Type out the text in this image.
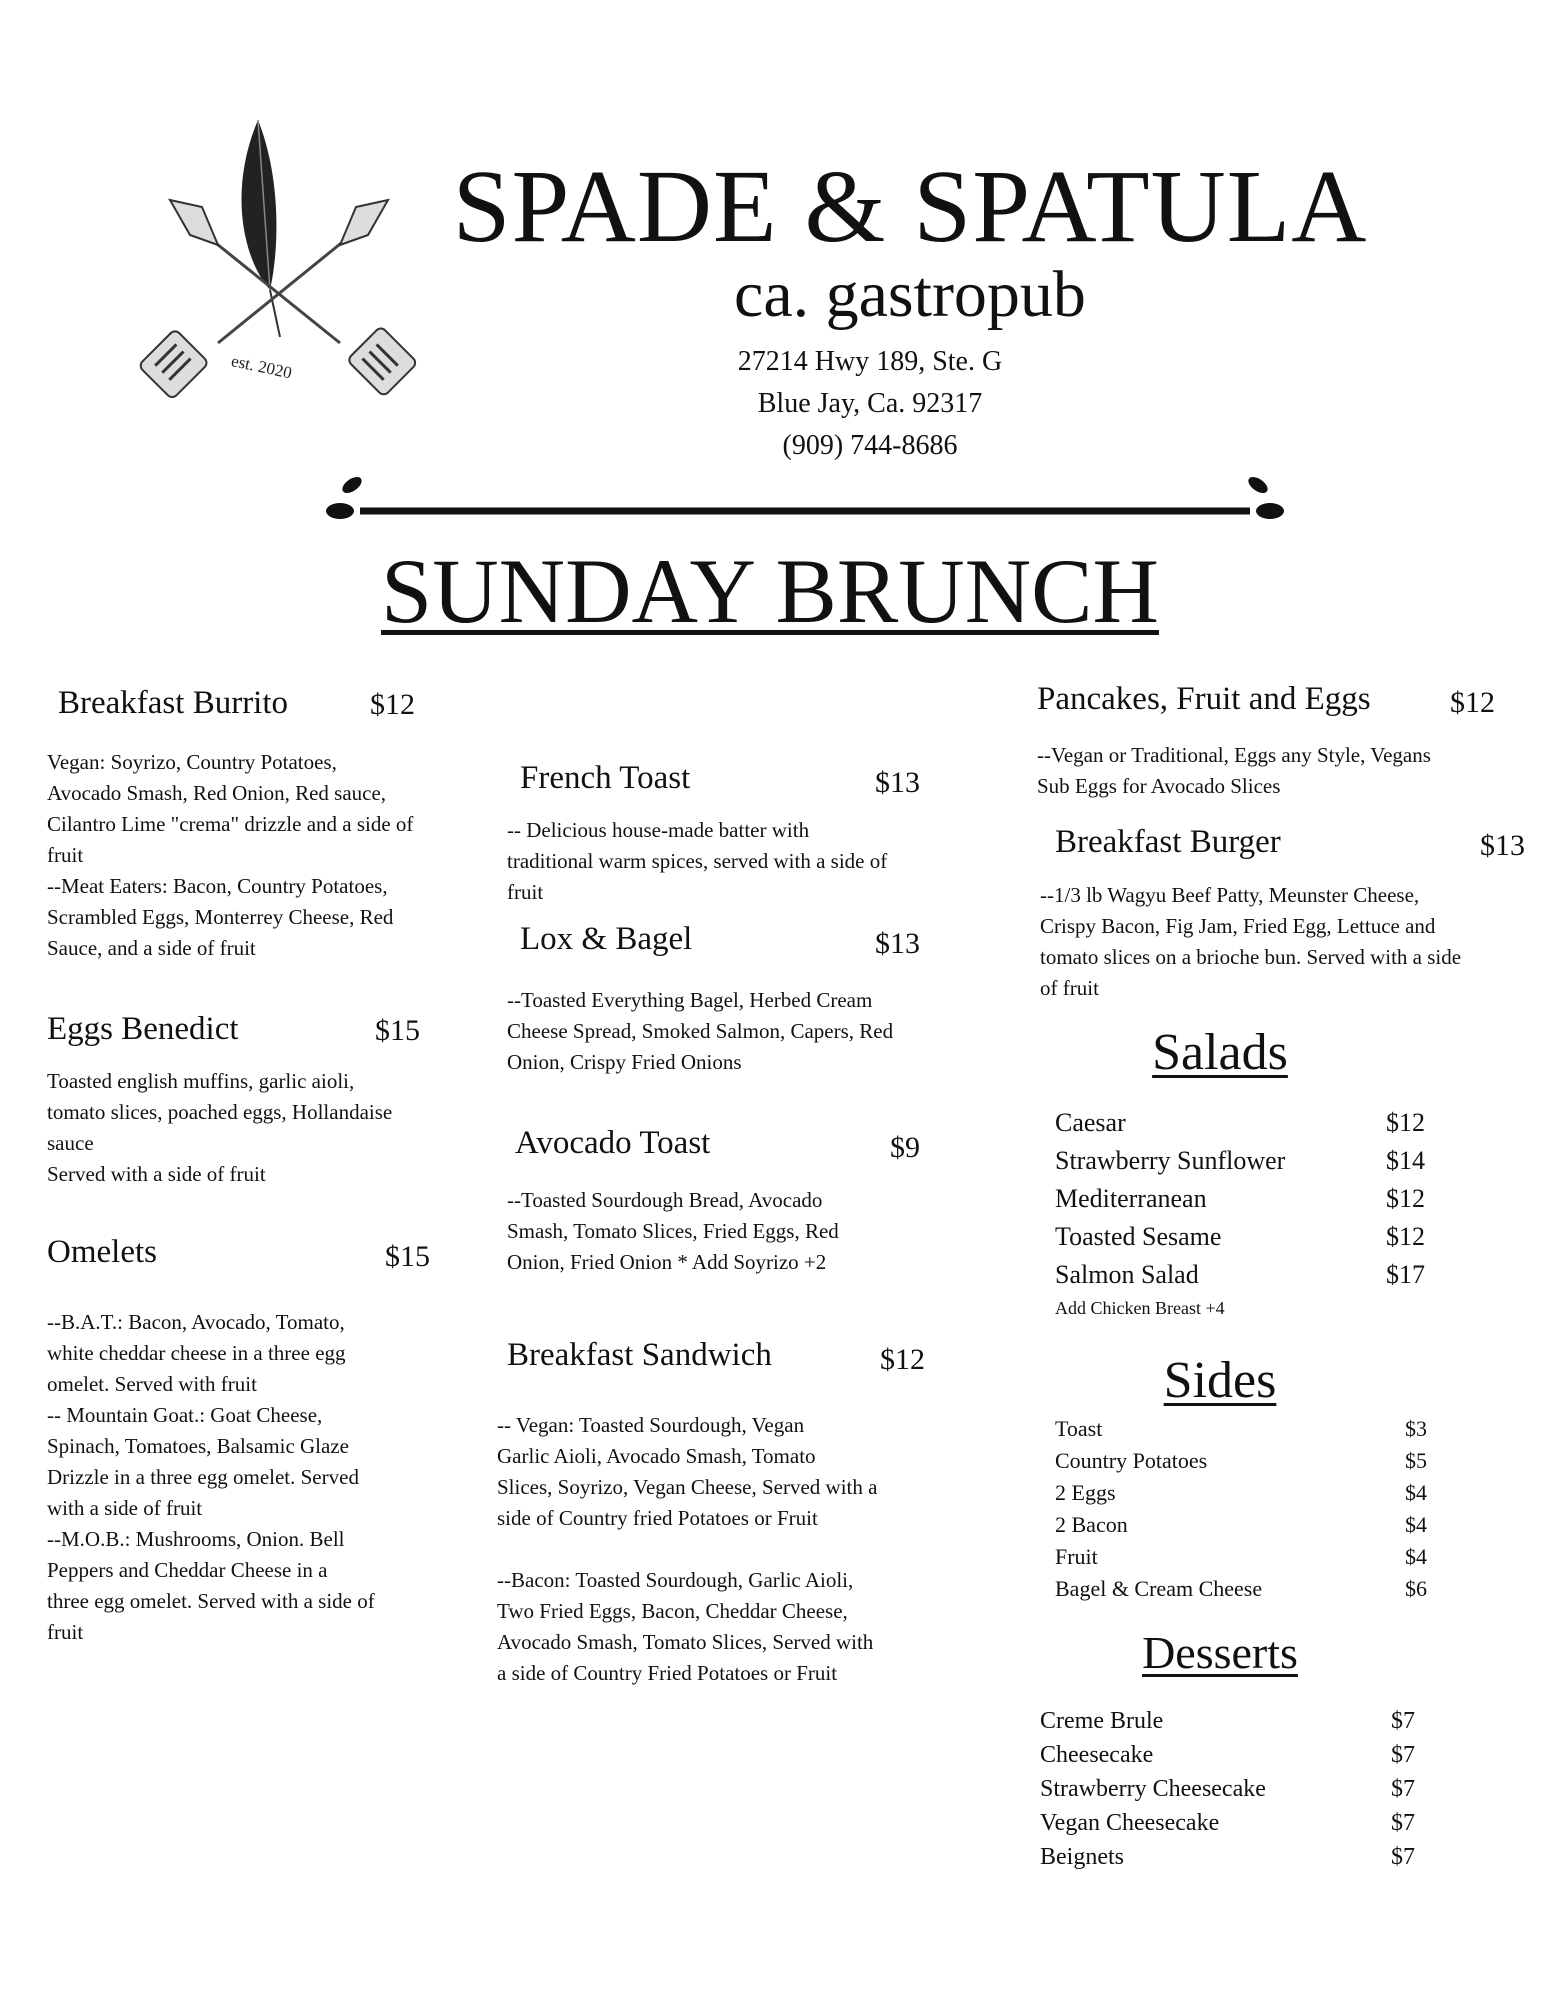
est. 2020
SPADE & SPATULA
ca. gastropub
27214 Hwy 189, Ste. G
Blue Jay, Ca. 92317
(909) 744-8686
SUNDAY BRUNCH
Breakfast Burrito	$12
Vegan: Soyrizo, Country Potatoes,
Avocado Smash, Red Onion, Red sauce,
Cilantro Lime "crema" drizzle and a side of
fruit
--Meat Eaters: Bacon, Country Potatoes,
Scrambled Eggs, Monterrey Cheese, Red
Sauce, and a side of fruit
Eggs Benedict	$15
Toasted english muffins, garlic aioli,
tomato slices, poached eggs, Hollandaise
sauce
Served with a side of fruit
Omelets	$15
--B.A.T.: Bacon, Avocado, Tomato,
white cheddar cheese in a three egg
omelet. Served with fruit
-- Mountain Goat.: Goat Cheese,
Spinach, Tomatoes, Balsamic Glaze
Drizzle in a three egg omelet. Served
with a side of fruit
--M.O.B.: Mushrooms, Onion. Bell
Peppers and Cheddar Cheese in a
three egg omelet. Served with a side of
fruit
French Toast	$13
-- Delicious house-made batter with
traditional warm spices, served with a side of
fruit
Lox & Bagel	$13
--Toasted Everything Bagel, Herbed Cream
Cheese Spread, Smoked Salmon, Capers, Red
Onion, Crispy Fried Onions
Avocado Toast	$9
--Toasted Sourdough Bread, Avocado
Smash, Tomato Slices, Fried Eggs, Red
Onion, Fried Onion * Add Soyrizo +2
Breakfast Sandwich	$12
-- Vegan: Toasted Sourdough, Vegan
Garlic Aioli, Avocado Smash, Tomato
Slices, Soyrizo, Vegan Cheese, Served with a
side of Country fried Potatoes or Fruit

--Bacon: Toasted Sourdough, Garlic Aioli,
Two Fried Eggs, Bacon, Cheddar Cheese,
Avocado Smash, Tomato Slices, Served with
a side of Country Fried Potatoes or Fruit
Pancakes, Fruit and Eggs	$12
--Vegan or Traditional, Eggs any Style, Vegans
Sub Eggs for Avocado Slices
Breakfast Burger	$13
--1/3 lb Wagyu Beef Patty, Meunster Cheese,
Crispy Bacon, Fig Jam, Fried Egg, Lettuce and
tomato slices on a brioche bun. Served with a side
of fruit
Salads
Caesar	$12
Strawberry Sunflower	$14
Mediterranean	$12
Toasted Sesame	$12
Salmon Salad	$17
Add Chicken Breast +4
Sides
Toast	$3
Country Potatoes	$5
2 Eggs	$4
2 Bacon	$4
Fruit	$4
Bagel & Cream Cheese	$6
Desserts
Creme Brule	$7
Cheesecake	$7
Strawberry Cheesecake	$7
Vegan Cheesecake	$7
Beignets	$7
